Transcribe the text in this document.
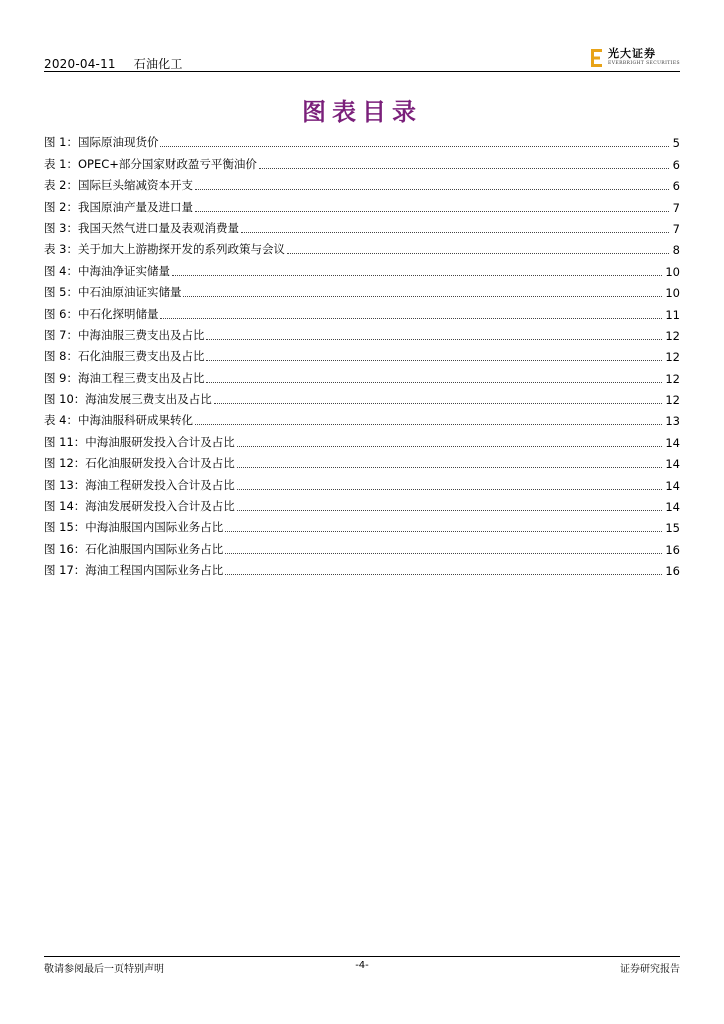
2020-04-11 石油化工
光大证券
EVERBRIGHT SECURITIES
图表目录
图 1：国际原油现货价	5
表 1：OPEC+部分国家财政盈亏平衡油价	6
表 2：国际巨头缩减资本开支	6
图 2：我国原油产量及进口量	7
图 3：我国天然气进口量及表观消费量	7
表 3：关于加大上游勘探开发的系列政策与会议	8
图 4：中海油净证实储量	10
图 5：中石油原油证实储量	10
图 6：中石化探明储量	11
图 7：中海油服三费支出及占比	12
图 8：石化油服三费支出及占比	12
图 9：海油工程三费支出及占比	12
图 10：海油发展三费支出及占比	12
表 4：中海油服科研成果转化	13
图 11：中海油服研发投入合计及占比	14
图 12：石化油服研发投入合计及占比	14
图 13：海油工程研发投入合计及占比	14
图 14：海油发展研发投入合计及占比	14
图 15：中海油服国内国际业务占比	15
图 16：石化油服国内国际业务占比	16
图 17：海油工程国内国际业务占比	16
敬请参阅最后一页特别声明	-4-	证券研究报告
